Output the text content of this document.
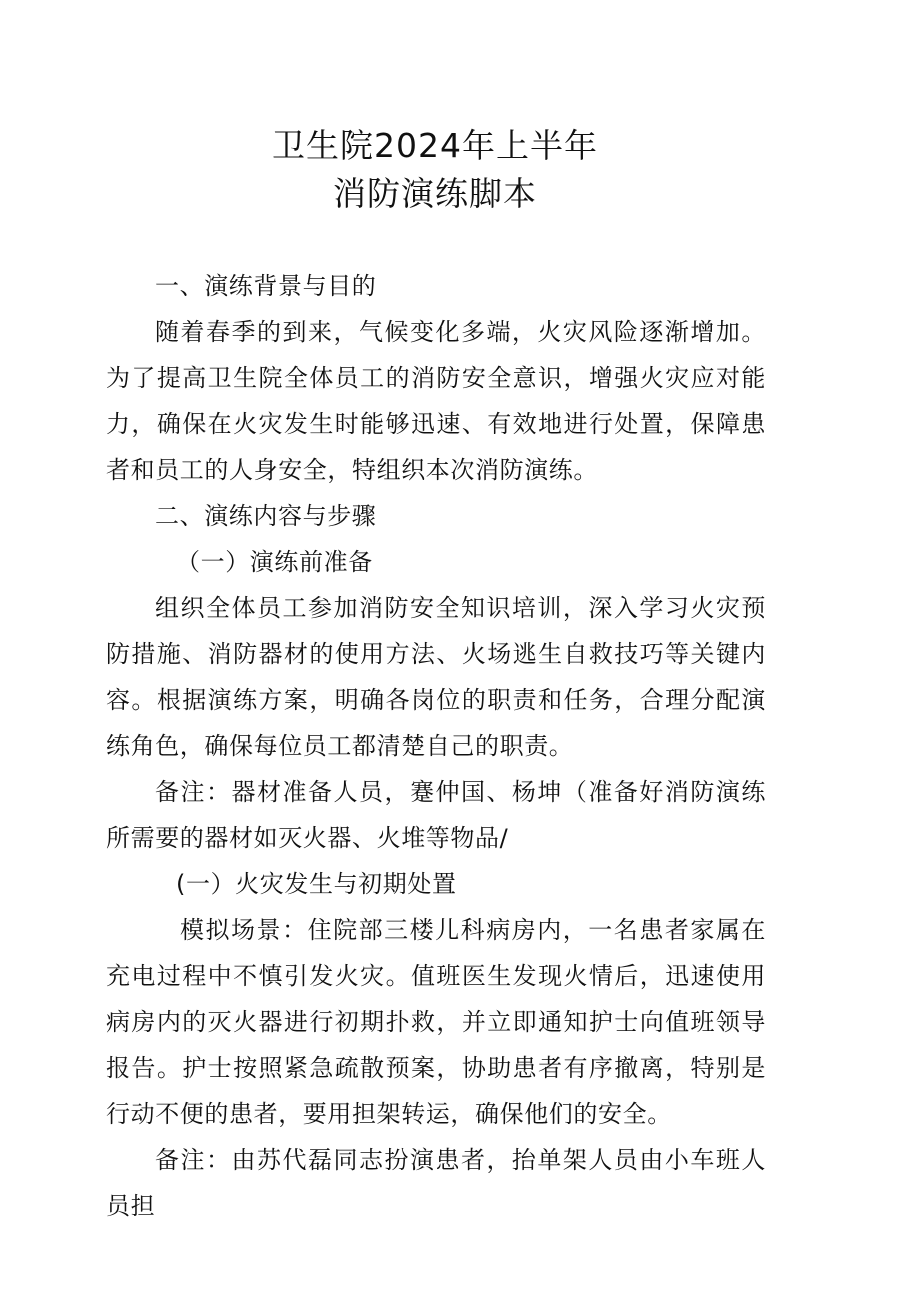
卫生院2024年上半年
消防演练脚本

一、演练背景与目的

随着春季的到来，气候变化多端，火灾风险逐渐增加。为了提高卫生院全体员工的消防安全意识，增强火灾应对能力，确保在火灾发生时能够迅速、有效地进行处置，保障患者和员工的人身安全，特组织本次消防演练。

二、演练内容与步骤

（一）演练前准备

组织全体员工参加消防安全知识培训，深入学习火灾预防措施、消防器材的使用方法、火场逃生自救技巧等关键内容。根据演练方案，明确各岗位的职责和任务，合理分配演练角色，确保每位员工都清楚自己的职责。

备注：器材准备人员，蹇仲国、杨坤（准备好消防演练所需要的器材如灭火器、火堆等物品/

(一）火灾发生与初期处置

模拟场景：住院部三楼儿科病房内，一名患者家属在充电过程中不慎引发火灾。值班医生发现火情后，迅速使用病房内的灭火器进行初期扑救，并立即通知护士向值班领导报告。护士按照紧急疏散预案，协助患者有序撤离，特别是行动不便的患者，要用担架转运，确保他们的安全。

备注：由苏代磊同志扮演患者，抬单架人员由小车班人员担
